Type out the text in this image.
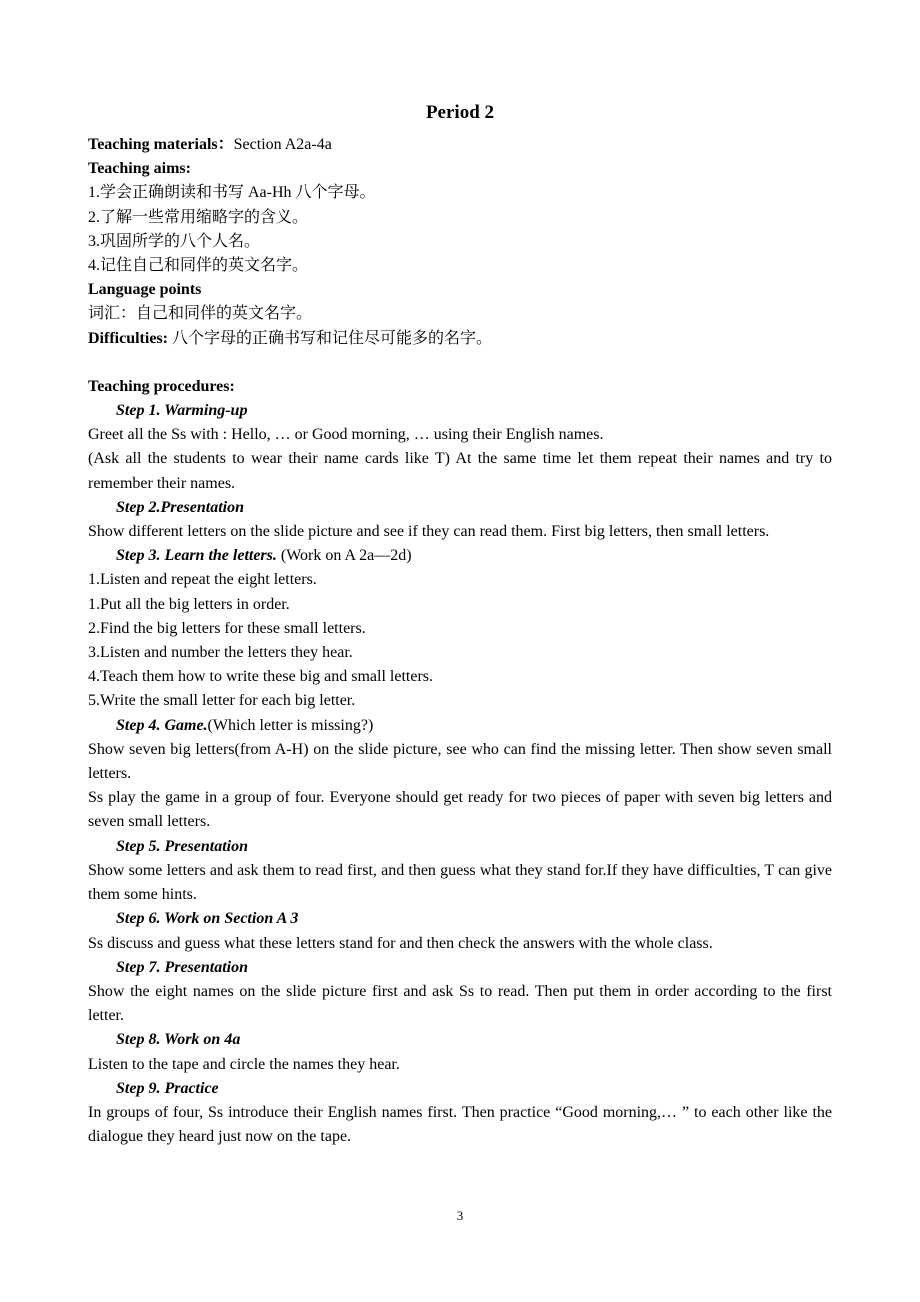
Period 2

Teaching materials：Section A2a-4a

Teaching aims:

1.学会正确朗读和书写 Aa-Hh 八个字母。

2.了解一些常用缩略字的含义。

3.巩固所学的八个人名。

4.记住自己和同伴的英文名字。

Language points

词汇：自己和同伴的英文名字。

Difficulties: 八个字母的正确书写和记住尽可能多的名字。

Teaching procedures:

Step 1. Warming-up

Greet all the Ss with : Hello, … or Good morning, … using their English names.

(Ask all the students to wear their name cards like T) At the same time let them repeat their names and try to remember their names.

Step 2.Presentation

Show different letters on the slide picture and see if they can read them. First big letters, then small letters.

Step 3. Learn the letters. (Work on A 2a—2d)

1.Listen and repeat the eight letters.

1.Put all the big letters in order.

2.Find the big letters for these small letters.

3.Listen and number the letters they hear.

4.Teach them how to write these big and small letters.

5.Write the small letter for each big letter.

Step 4. Game.(Which letter is missing?)

Show seven big letters(from A-H) on the slide picture, see who can find the missing letter. Then show seven small letters.

Ss play the game in a group of four. Everyone should get ready for two pieces of paper with seven big letters and seven small letters.

Step 5. Presentation

Show some letters and ask them to read first, and then guess what they stand for.If they have difficulties, T can give them some hints.

Step 6. Work on Section A 3

Ss discuss and guess what these letters stand for and then check the answers with the whole class.

Step 7. Presentation

Show the eight names on the slide picture first and ask Ss to read. Then put them in order according to the first letter.

Step 8. Work on 4a

Listen to the tape and circle the names they hear.

Step 9. Practice

In groups of four, Ss introduce their English names first. Then practice “Good morning,… ” to each other like the dialogue they heard just now on the tape.

3
